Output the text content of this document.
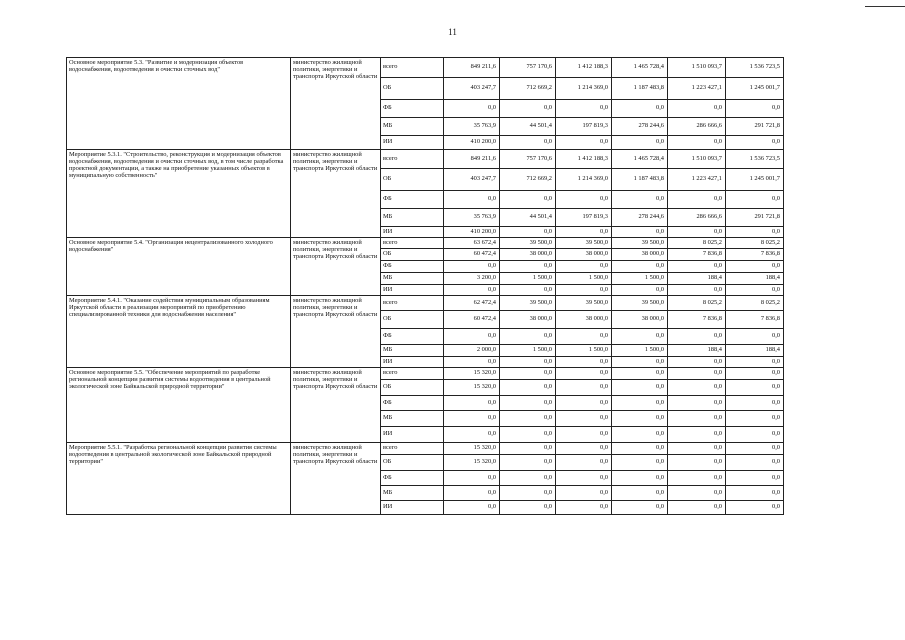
11
Основное мероприятие 5.3. "Развитие и модернизация объектов водоснабжения, водоотведения и очистки сточных вод"	министерство жилищной политики, энергетики и транспорта Иркутской области	всего	849 211,6	757 170,6	1 412 188,3	1 465 728,4	1 510 093,7	1 536 723,5
		ОБ	403 247,7	712 669,2	1 214 369,0	1 187 483,8	1 223 427,1	1 245 001,7
		ФБ	0,0	0,0	0,0	0,0	0,0	0,0
		МБ	35 763,9	44 501,4	197 819,3	278 244,6	286 666,6	291 721,8
		ИИ	410 200,0	0,0	0,0	0,0	0,0	0,0
Мероприятие 5.3.1. "Строительство, реконструкция и модернизация объектов водоснабжения, водоотведения и очистки сточных вод, в том числе разработка проектной документации, а также на приобретение указанных объектов в муниципальную собственность"	министерство жилищной политики, энергетики и транспорта Иркутской области	всего	849 211,6	757 170,6	1 412 188,3	1 465 728,4	1 510 093,7	1 536 723,5
		ОБ	403 247,7	712 669,2	1 214 369,0	1 187 483,8	1 223 427,1	1 245 001,7
		ФБ	0,0	0,0	0,0	0,0	0,0	0,0
		МБ	35 763,9	44 501,4	197 819,3	278 244,6	286 666,6	291 721,8
		ИИ	410 200,0	0,0	0,0	0,0	0,0	0,0
Основное мероприятие 5.4. "Организация нецентрализованного холодного водоснабжения"	министерство жилищной политики, энергетики и транспорта Иркутской области	всего	63 672,4	39 500,0	39 500,0	39 500,0	8 025,2	8 025,2
		ОБ	60 472,4	38 000,0	38 000,0	38 000,0	7 836,8	7 836,8
		ФБ	0,0	0,0	0,0	0,0	0,0	0,0
		МБ	3 200,0	1 500,0	1 500,0	1 500,0	188,4	188,4
		ИИ	0,0	0,0	0,0	0,0	0,0	0,0
Мероприятие 5.4.1. "Оказание содействия муниципальным образованиям Иркутской области в реализации мероприятий по приобретению специализированной техники для водоснабжения населения"	министерство жилищной политики, энергетики и транспорта Иркутской области	всего	62 472,4	39 500,0	39 500,0	39 500,0	8 025,2	8 025,2
		ОБ	60 472,4	38 000,0	38 000,0	38 000,0	7 836,8	7 836,8
		ФБ	0,0	0,0	0,0	0,0	0,0	0,0
		МБ	2 000,0	1 500,0	1 500,0	1 500,0	188,4	188,4
		ИИ	0,0	0,0	0,0	0,0	0,0	0,0
Основное мероприятие 5.5. "Обеспечение мероприятий по разработке региональной концепции развития системы водоотведения в центральной экологической зоне Байкальской природной территории"	министерство жилищной политики, энергетики и транспорта Иркутской области	всего	15 320,0	0,0	0,0	0,0	0,0	0,0
		ОБ	15 320,0	0,0	0,0	0,0	0,0	0,0
		ФБ	0,0	0,0	0,0	0,0	0,0	0,0
		МБ	0,0	0,0	0,0	0,0	0,0	0,0
		ИИ	0,0	0,0	0,0	0,0	0,0	0,0
Мероприятие 5.5.1. "Разработка региональной концепции развития системы водоотведения в центральной экологической зоне Байкальской природной территории"	министерство жилищной политики, энергетики и транспорта Иркутской области	всего	15 320,0	0,0	0,0	0,0	0,0	0,0
		ОБ	15 320,0	0,0	0,0	0,0	0,0	0,0
		ФБ	0,0	0,0	0,0	0,0	0,0	0,0
		МБ	0,0	0,0	0,0	0,0	0,0	0,0
		ИИ	0,0	0,0	0,0	0,0	0,0	0,0
